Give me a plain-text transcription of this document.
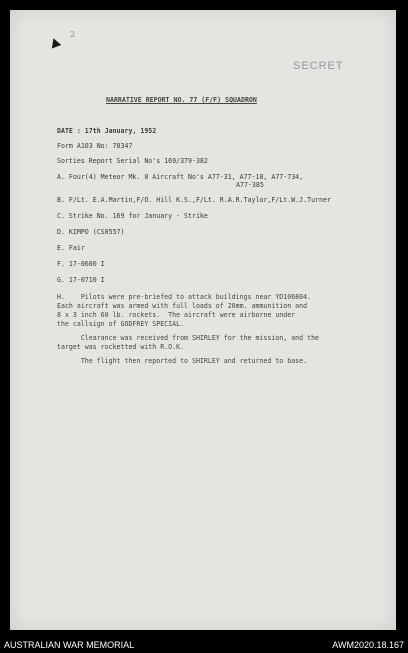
2
SECRET
NARRATIVE REPORT NO. 77 (F/F) SQUADRON
DATE : 17th January, 1952
Form A103 No: 78347
Sorties Report Serial No's 169/379-382
A. Four(4) Meteor Mk. 8 Aircraft No's A77-31, A77-18, A77-734,
A77-385
B. F/Lt. E.A.Martin,F/O. Hill K.S.,F/Lt. R.A.R.Taylor,F/Lt.W.J.Turner
C. Strike No. 169 for January - Strike
D. KIMPO (CS0557)
E. Fair
F. 17-0600 I
G. 17-0710 I
H.    Pilots were pre-briefed to attack buildings near YD106804.
Each aircraft was armed with full loads of 20mm. ammunition and
8 x 3 inch 60 lb. rockets.  The aircraft were airborne under
the callsign of GODFREY SPECIAL.
Clearance was received from SHIRLEY for the mission, and the
target was rocketted with R.O.K.
The flight then reported to SHIRLEY and returned to base.
AUSTRALIAN WAR MEMORIAL	AWM2020.18.167
